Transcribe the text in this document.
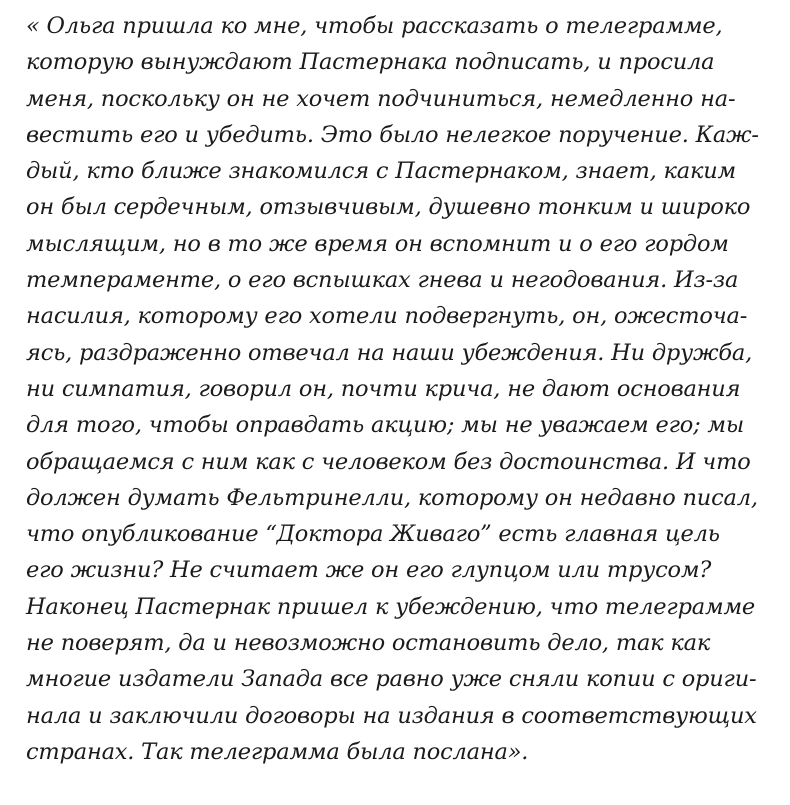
« Ольга пришла ко мне, чтобы рассказать о телеграмме,
которую вынуждают Пастернака подписать, и просила
меня, поскольку он не хочет подчиниться, немедленно на-
вестить его и убедить. Это было нелегкое поручение. Каж-
дый, кто ближе знакомился с Пастернаком, знает, каким
он был сердечным, отзывчивым, душевно тонким и широко
мыслящим, но в то же время он вспомнит и о его гордом
темпераменте, о его вспышках гнева и негодования. Из-за
насилия, которому его хотели подвергнуть, он, ожесточа-
ясь, раздраженно отвечал на наши убеждения. Ни дружба,
ни симпатия, говорил он, почти крича, не дают основания
для того, чтобы оправдать акцию; мы не уважаем его; мы
обращаемся с ним как с человеком без достоинства. И что
должен думать Фельтринелли, которому он недавно писал,
что опубликование “Доктора Живаго” есть главная цель
его жизни? Не считает же он его глупцом или трусом?
Наконец Пастернак пришел к убеждению, что телеграмме
не поверят, да и невозможно остановить дело, так как
многие издатели Запада все равно уже сняли копии с ориги-
нала и заключили договоры на издания в соответствующих
странах. Так телеграмма была послана».
